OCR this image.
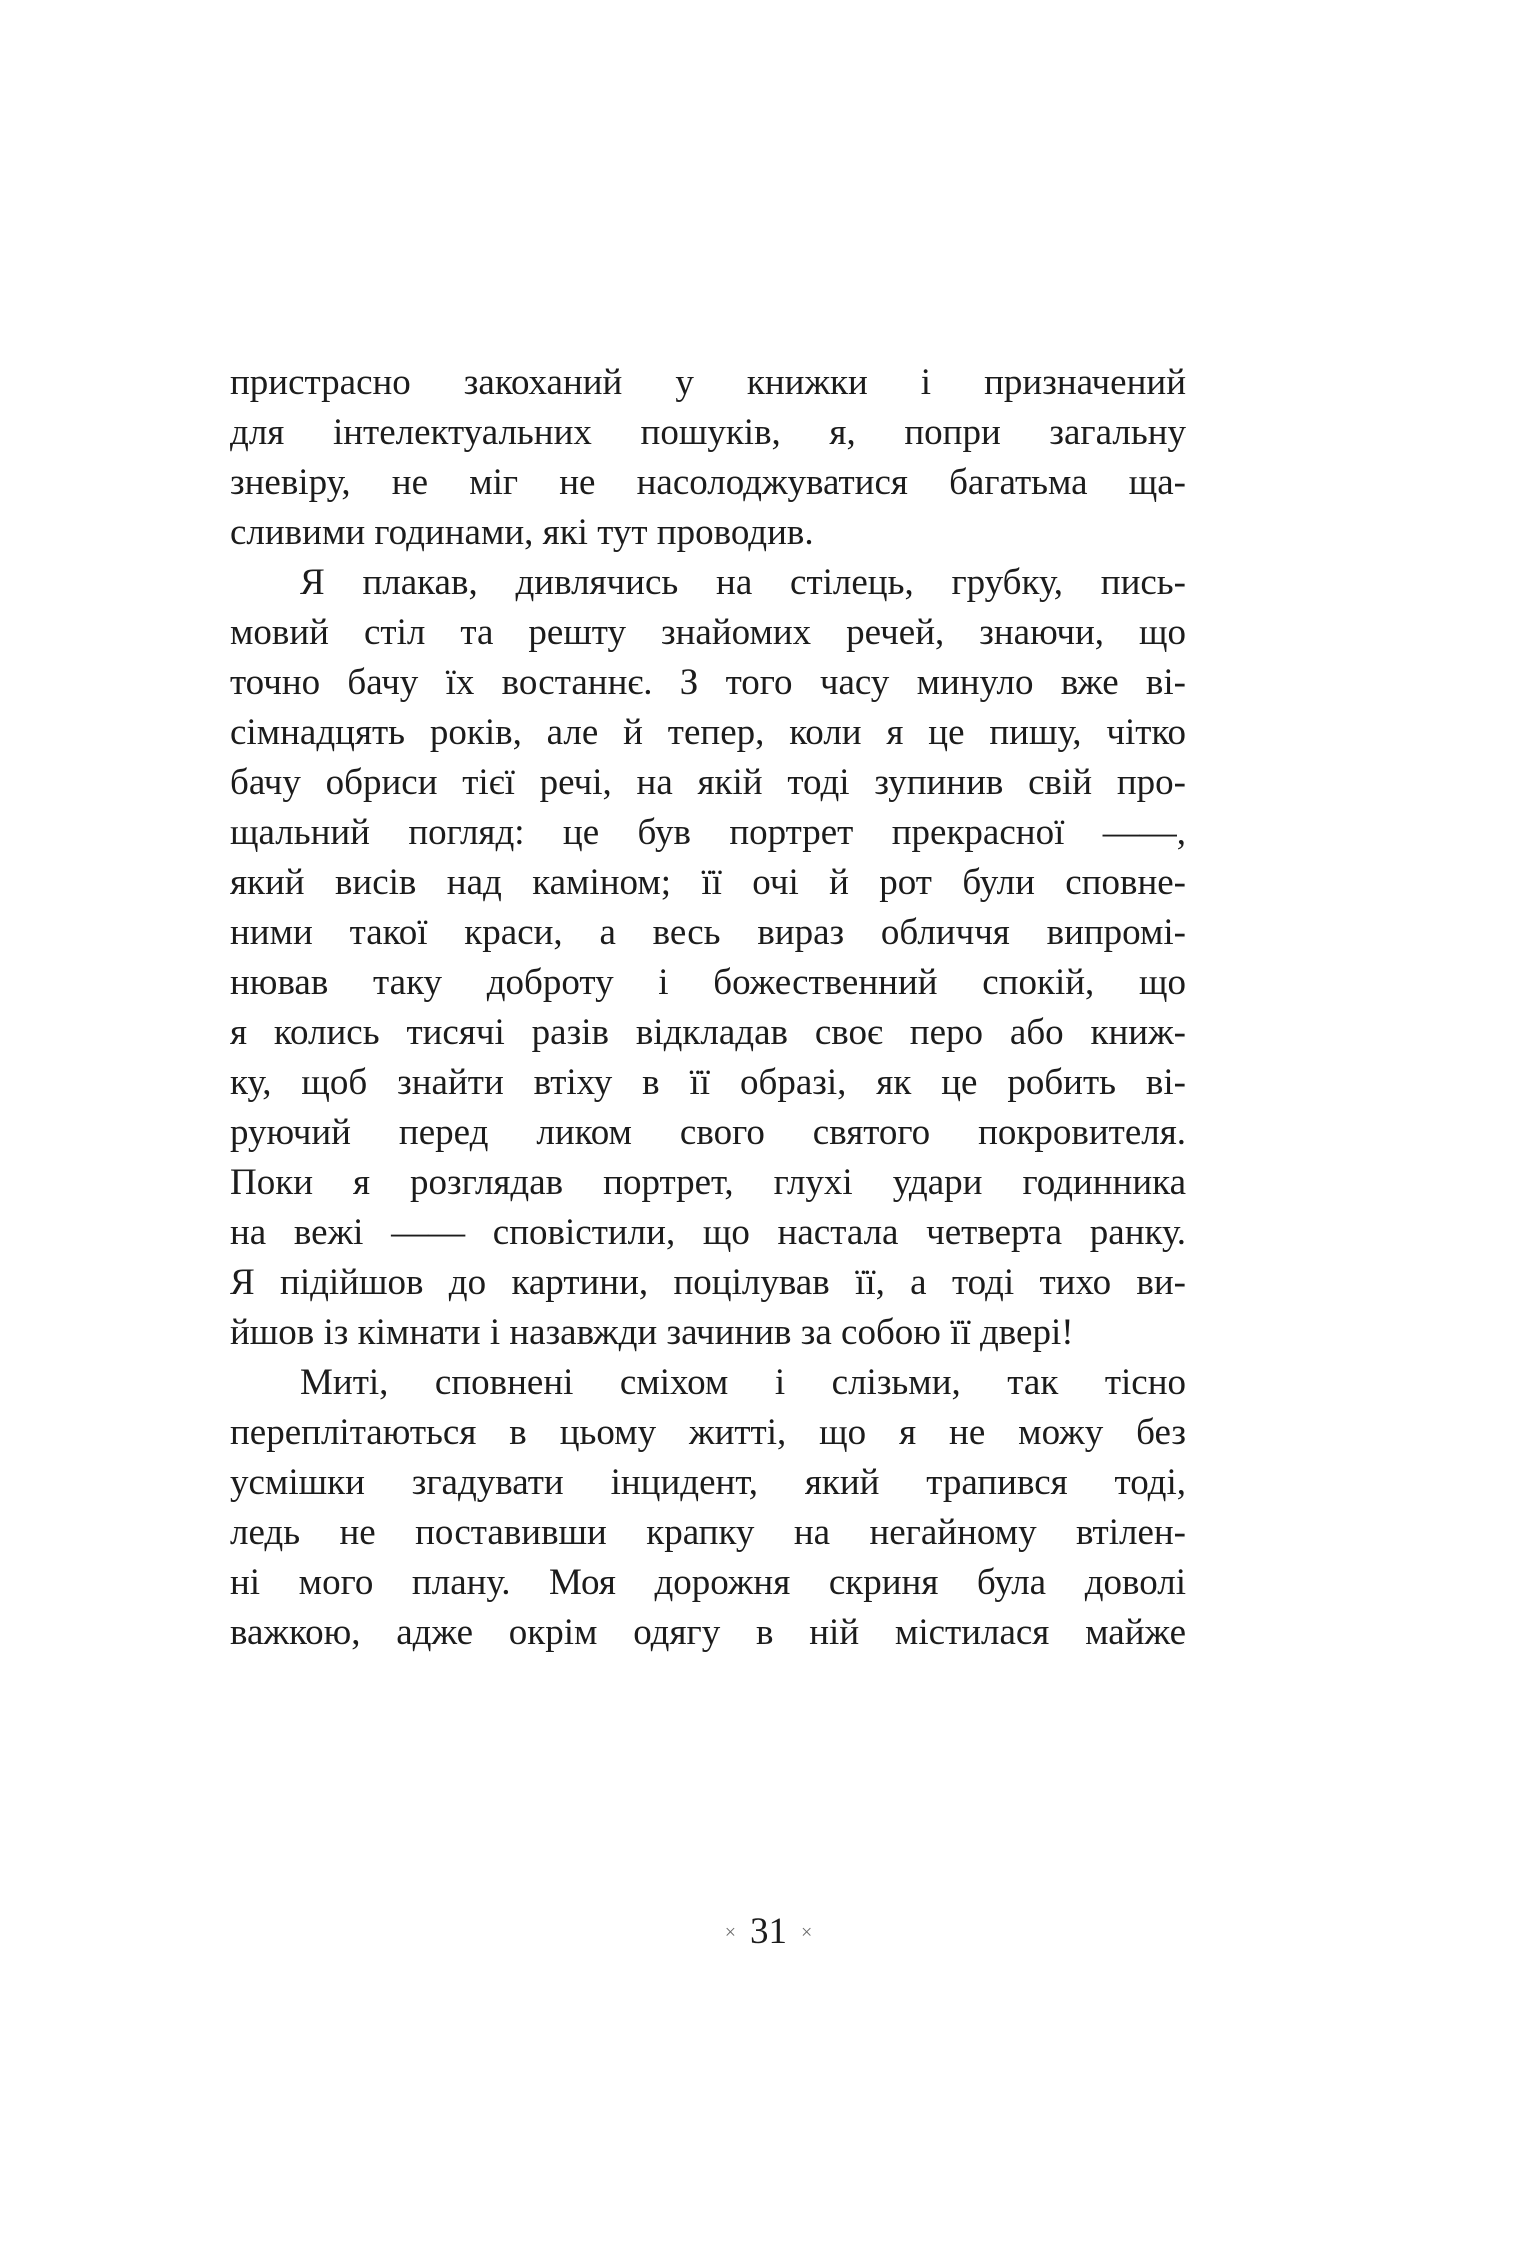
пристрасно закоханий у книжки і призначений
для інтелектуальних пошуків, я, попри загальну
зневіру, не міг не насолоджуватися багатьма ща-
сливими годинами, які тут проводив.
Я плакав, дивлячись на стілець, грубку, пись-
мовий стіл та решту знайомих речей, знаючи, що
точно бачу їх востаннє. З того часу минуло вже ві-
сімнадцять років, але й тепер, коли я це пишу, чітко
бачу обриси тієї речі, на якій тоді зупинив свій про-
щальний погляд: це був портрет прекрасної ——,
який висів над каміном; її очі й рот були сповне-
ними такої краси, а весь вираз обличчя випромі-
нював таку доброту і божественний спокій, що
я колись тисячі разів відкладав своє перо або книж-
ку, щоб знайти втіху в її образі, як це робить ві-
руючий перед ликом свого святого покровителя.
Поки я розглядав портрет, глухі удари годинника
на вежі —— сповістили, що настала четверта ранку.
Я підійшов до картини, поцілував її, а тоді тихо ви-
йшов із кімнати і назавжди зачинив за собою її двері!
Миті, сповнені сміхом і слізьми, так тісно
переплітаються в цьому житті, що я не можу без
усмішки згадувати інцидент, який трапився тоді,
ледь не поставивши крапку на негайному втілен-
ні мого плану. Моя дорожня скриня була доволі
важкою, адже окрім одягу в ній містилася майже
× 31 ×
